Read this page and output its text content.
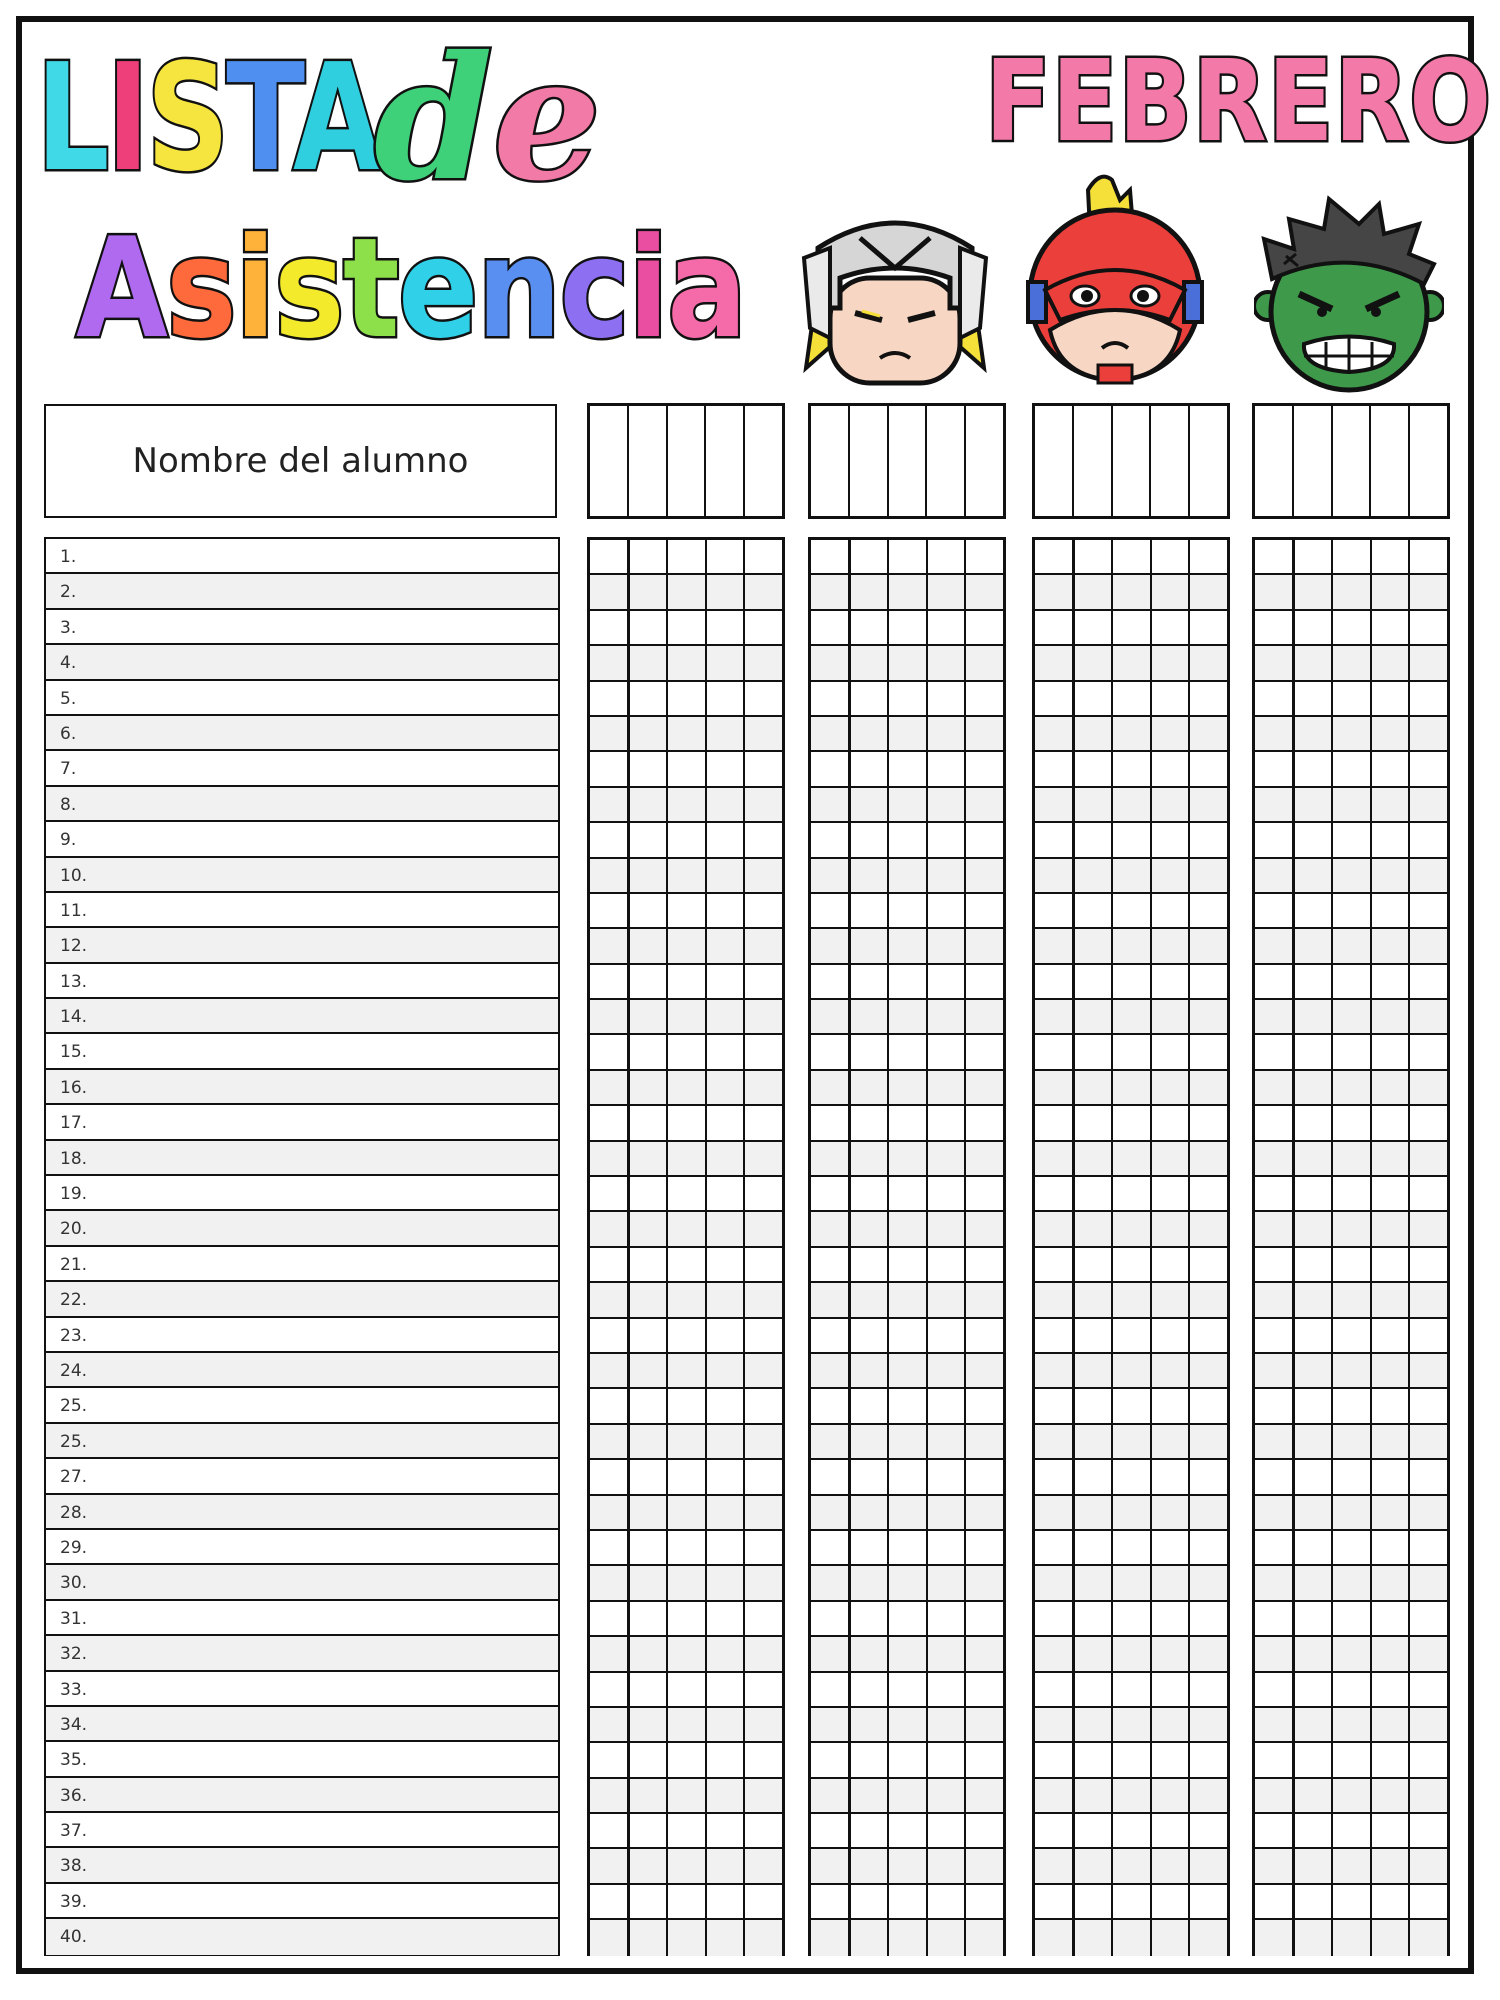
LISTA
de
Asistencia
FEBRERO
Nombre del alumno
1.
2.
3.
4.
5.
6.
7.
8.
9.
10.
11.
12.
13.
14.
15.
16.
17.
18.
19.
20.
21.
22.
23.
24.
25.
25.
27.
28.
29.
30.
31.
32.
33.
34.
35.
36.
37.
38.
39.
40.
